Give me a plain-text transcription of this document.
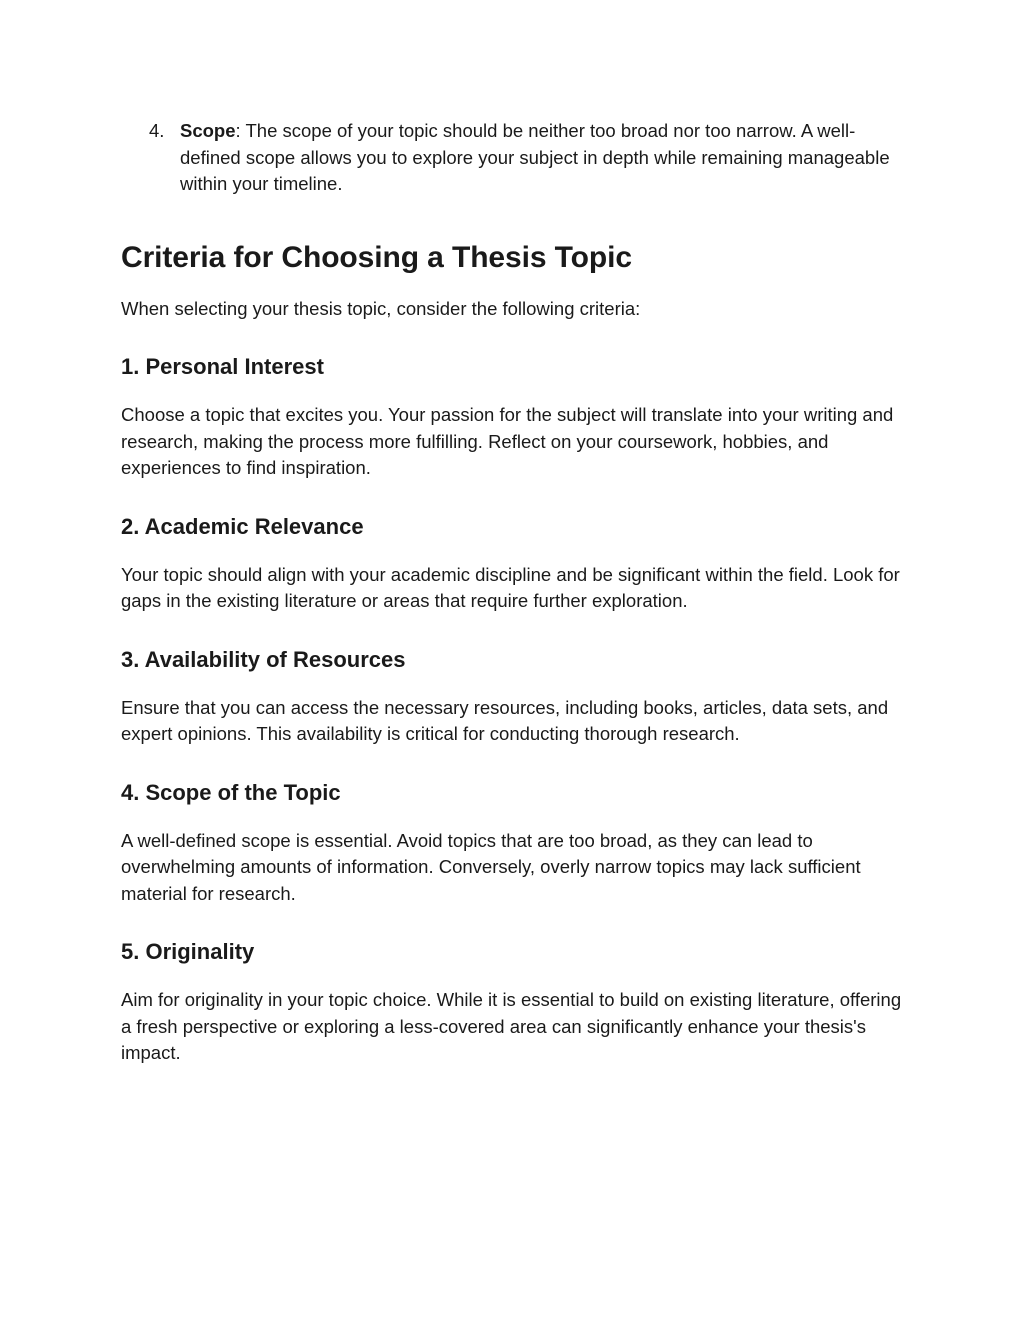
4. Scope: The scope of your topic should be neither too broad nor too narrow. A well-defined scope allows you to explore your subject in depth while remaining manageable within your timeline.
Criteria for Choosing a Thesis Topic

When selecting your thesis topic, consider the following criteria:

1. Personal Interest

Choose a topic that excites you. Your passion for the subject will translate into your writing and research, making the process more fulfilling. Reflect on your coursework, hobbies, and experiences to find inspiration.

2. Academic Relevance

Your topic should align with your academic discipline and be significant within the field. Look for gaps in the existing literature or areas that require further exploration.

3. Availability of Resources

Ensure that you can access the necessary resources, including books, articles, data sets, and expert opinions. This availability is critical for conducting thorough research.

4. Scope of the Topic

A well-defined scope is essential. Avoid topics that are too broad, as they can lead to overwhelming amounts of information. Conversely, overly narrow topics may lack sufficient material for research.

5. Originality

Aim for originality in your topic choice. While it is essential to build on existing literature, offering a fresh perspective or exploring a less-covered area can significantly enhance your thesis's impact.
